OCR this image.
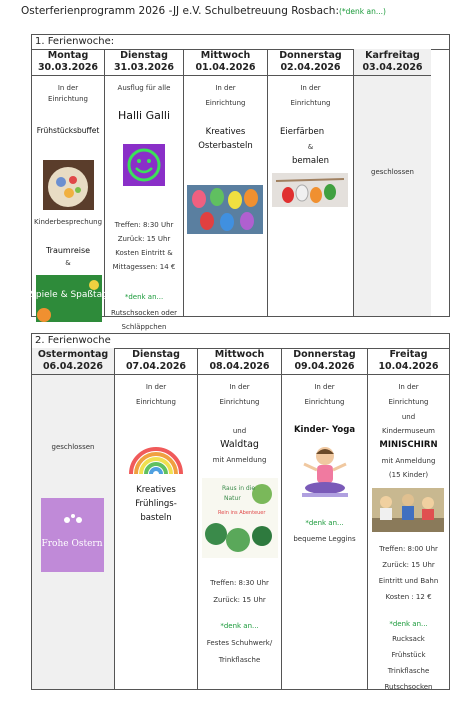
Osterferienprogramm 2026 -JJ e.V. Schulbetreuung Rosbach:(*denk an...)
1. Ferienwoche:
Montag
30.03.2026
In der
Einrichtung
Frühstücksbuffet
Kinderbesprechung
Traumreise
&
Spiele & Spaßtag
Dienstag
31.03.2026
Ausflug für alle
Halli Galli
Treffen: 8:30 Uhr
Zurück: 15 Uhr
Kosten Eintritt &
Mittagessen: 14 €
*denk an...
Rutschsocken oder
Schläppchen
Mittwoch
01.04.2026
In der
Einrichtung
Kreatives
Osterbasteln
Donnerstag
02.04.2026
In der
Einrichtung
Eierfärben
&
bemalen
Karfreitag
03.04.2026
geschlossen
2. Ferienwoche
Ostermontag
06.04.2026
geschlossen
Frohe Ostern
Dienstag
07.04.2026
In der
Einrichtung
Kreatives
Frühlings-
basteln
Mittwoch
08.04.2026
In der
Einrichtung
und
Waldtag
mit Anmeldung
Raus in die
Natur
Rein ins Abenteuer
Treffen: 8:30 Uhr
Zurück: 15 Uhr
*denk an...
Festes Schuhwerk/
Trinkflasche
Donnerstag
09.04.2026
In der
Einrichtung
Kinder- Yoga
*denk an...
bequeme Leggins
Freitag
10.04.2026
In der
Einrichtung
und
Kindermuseum
MINISCHIRN
mit Anmeldung
(15 Kinder)
Treffen: 8:00 Uhr
Zurück: 15 Uhr
Eintritt und Bahn
Kosten : 12 €
*denk an...
Rucksack
Frühstück
Trinkflasche
Rutschsocken
